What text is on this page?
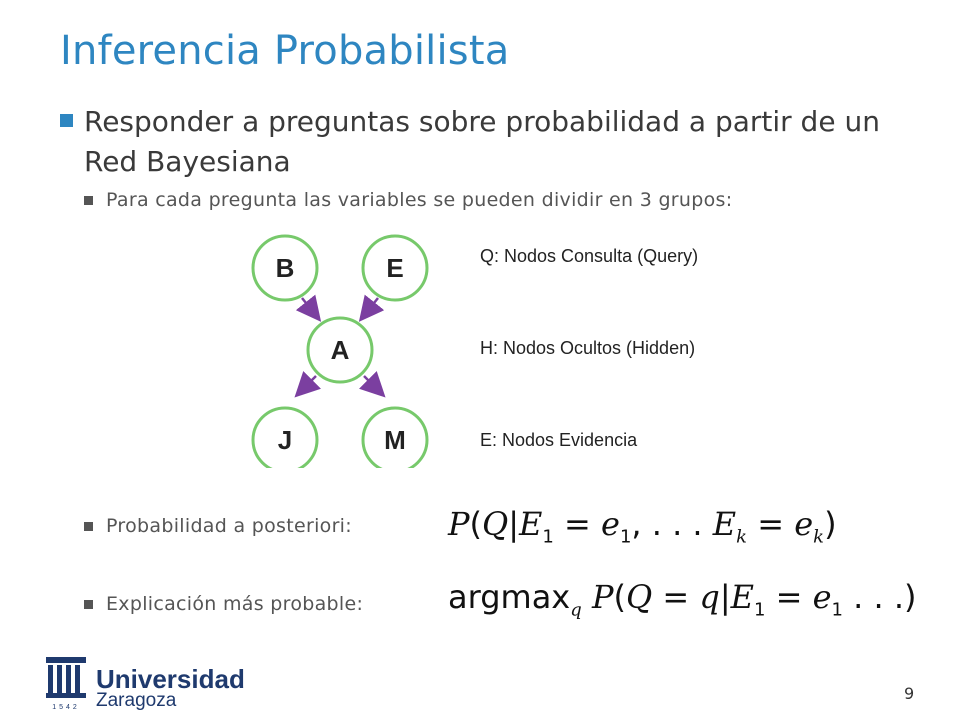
Inferencia Probabilista
Responder a preguntas sobre probabilidad a partir de un Red Bayesiana
Para cada pregunta las variables se pueden dividir en 3 grupos:
B	E
A
J	M
Q: Nodos Consulta (Query)
H: Nodos Ocultos (Hidden)
E: Nodos Evidencia
Probabilidad a posteriori:	$P(Q|E_1 = e_1$, . . . $E_k = e_k$)
Explicación más probable:	argmax$_q$ $P(Q = q|E_1 = e_1$ . . .)
1542
Universidad
Zaragoza	9
